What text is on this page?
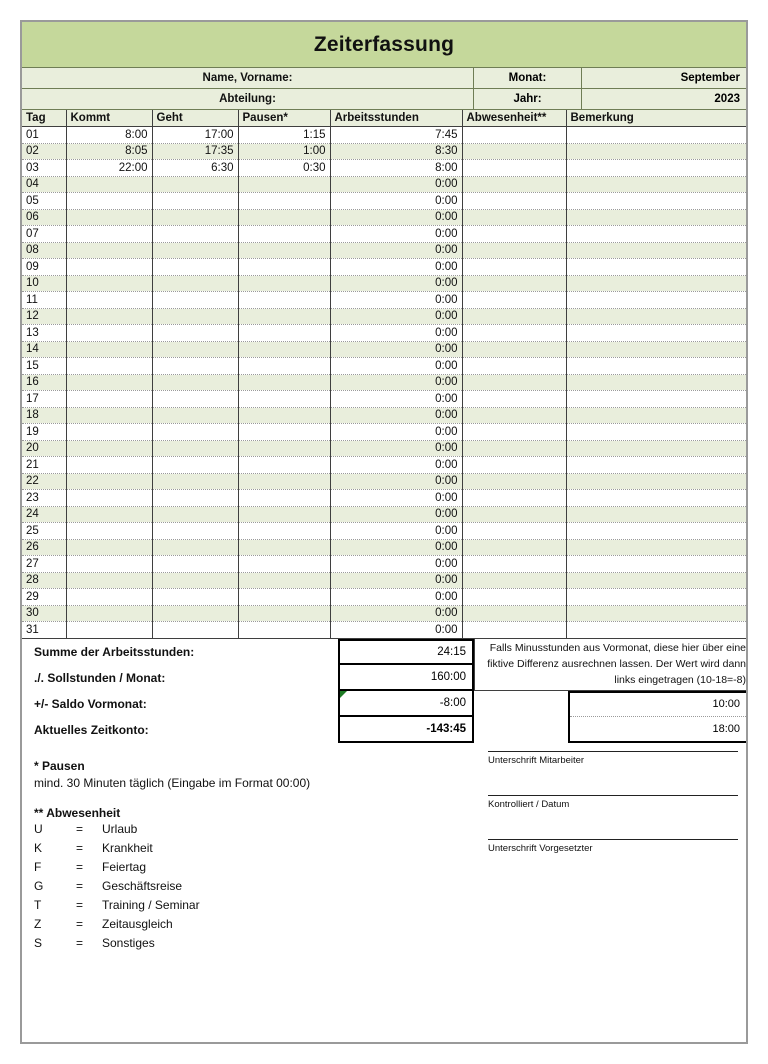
Zeiterfassung
Name, Vorname:	Monat:	September
Abteilung:	Jahr:	2023
Tag	Kommt	Geht	Pausen*	Arbeitsstunden	Abwesenheit**	Bemerkung
01	8:00	17:00	1:15	7:45		
02	8:05	17:35	1:00	8:30		
03	22:00	6:30	0:30	8:00		
04				0:00		
05				0:00		
06				0:00		
07				0:00		
08				0:00		
09				0:00		
10				0:00		
11				0:00		
12				0:00		
13				0:00		
14				0:00		
15				0:00		
16				0:00		
17				0:00		
18				0:00		
19				0:00		
20				0:00		
21				0:00		
22				0:00		
23				0:00		
24				0:00		
25				0:00		
26				0:00		
27				0:00		
28				0:00		
29				0:00		
30				0:00		
31				0:00		
Summe der Arbeitsstunden:	24:15
./. Sollstunden / Monat:	160:00
+/- Saldo Vormonat:	-8:00
Aktuelles Zeitkonto:	-143:45
Falls Minusstunden aus Vormonat, diese hier über eine fiktive Differenz ausrechnen lassen. Der Wert wird dann links eingetragen (10-18=-8)
10:00
18:00
* Pausen
mind. 30 Minuten täglich (Eingabe im Format 00:00)
** Abwesenheit
U	=	Urlaub
K	=	Krankheit
F	=	Feiertag
G	=	Geschäftsreise
T	=	Training / Seminar
Z	=	Zeitausgleich
S	=	Sonstiges
Unterschrift Mitarbeiter
Kontrolliert / Datum
Unterschrift Vorgesetzter
